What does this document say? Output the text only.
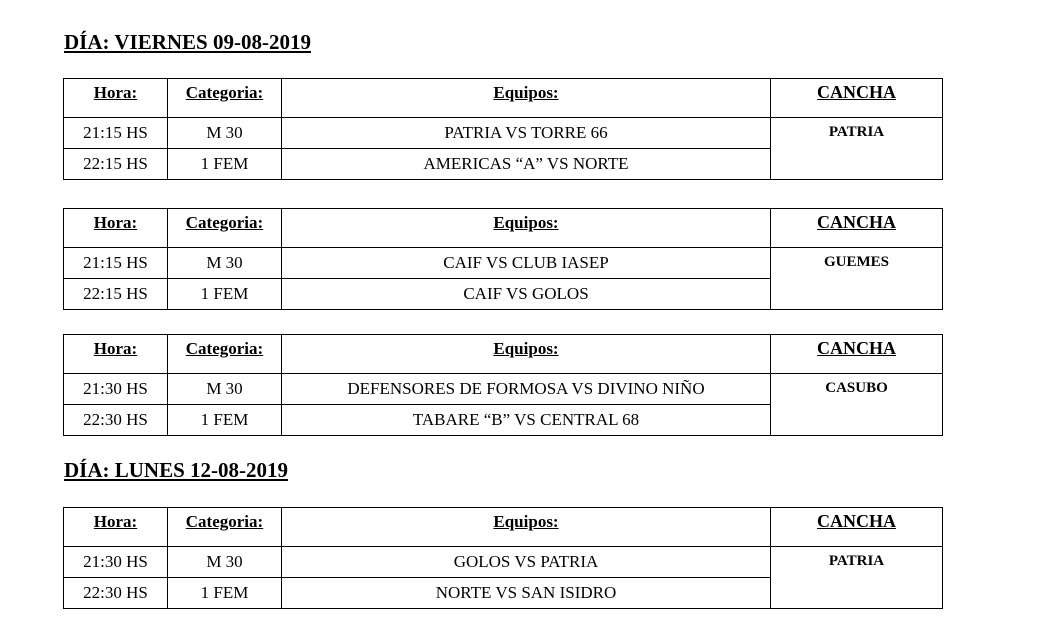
DÍA: VIERNES 09-08-2019
Hora:	Categoria:	Equipos:	CANCHA
21:15 HS	M 30	PATRIA VS TORRE 66	PATRIA
22:15 HS	1 FEM	AMERICAS “A” VS NORTE	
Hora:	Categoria:	Equipos:	CANCHA
21:15 HS	M 30	CAIF VS CLUB IASEP	GUEMES
22:15 HS	1 FEM	CAIF VS GOLOS	
Hora:	Categoria:	Equipos:	CANCHA
21:30 HS	M 30	DEFENSORES DE FORMOSA VS DIVINO NIÑO	CASUBO
22:30 HS	1 FEM	TABARE “B” VS CENTRAL 68	
DÍA: LUNES 12-08-2019
Hora:	Categoria:	Equipos:	CANCHA
21:30 HS	M 30	GOLOS VS PATRIA	PATRIA
22:30 HS	1 FEM	NORTE VS SAN ISIDRO	
